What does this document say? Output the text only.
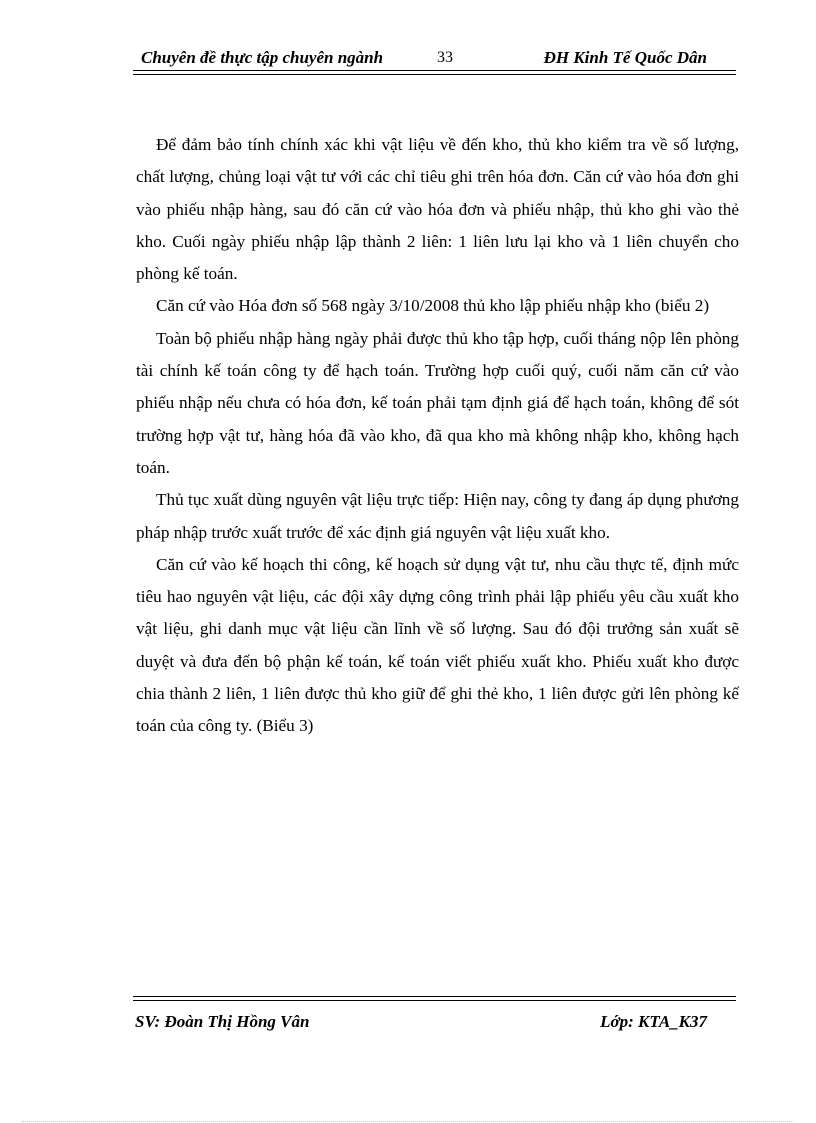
Chuyên đề thực tập chuyên ngành	33	ĐH Kinh Tế Quốc Dân

Để đảm bảo tính chính xác khi vật liệu về đến kho, thủ kho kiểm tra về số lượng, chất lượng, chủng loại vật tư với các chỉ tiêu ghi trên hóa đơn. Căn cứ vào hóa đơn ghi vào phiếu nhập hàng, sau đó căn cứ vào hóa đơn và phiếu nhập, thủ kho ghi vào thẻ kho. Cuối ngày phiếu nhập lập thành 2 liên: 1 liên lưu lại kho và 1 liên chuyển cho phòng kế toán.

Căn cứ vào Hóa đơn số 568 ngày 3/10/2008 thủ kho lập phiếu nhập kho (biểu 2)

Toàn bộ phiếu nhập hàng ngày phải được thủ kho tập hợp, cuối tháng nộp lên phòng tài chính kế toán công ty để hạch toán. Trường hợp cuối quý, cuối năm căn cứ vào phiếu nhập nếu chưa có hóa đơn, kế toán phải tạm định giá để hạch toán, không để sót trường hợp vật tư, hàng hóa đã vào kho, đã qua kho mà không nhập kho, không hạch toán.

Thủ tục xuất dùng nguyên vật liệu trực tiếp: Hiện nay, công ty đang áp dụng phương pháp nhập trước xuất trước để xác định giá nguyên vật liệu xuất kho.

Căn cứ vào kế hoạch thi công, kế hoạch sử dụng vật tư, nhu cầu thực tế, định mức tiêu hao nguyên vật liệu, các đội xây dựng công trình phải lập phiếu yêu cầu xuất kho vật liệu, ghi danh mục vật liệu cần lĩnh về số lượng. Sau đó đội trưởng sản xuất sẽ duyệt và đưa đến bộ phận kế toán, kế toán viết phiếu xuất kho. Phiếu xuất kho được chia thành 2 liên, 1 liên được thủ kho giữ để ghi thẻ kho, 1 liên được gửi lên phòng kế toán của công ty. (Biểu 3)

SV: Đoàn Thị Hồng Vân	Lớp: KTA_K37
